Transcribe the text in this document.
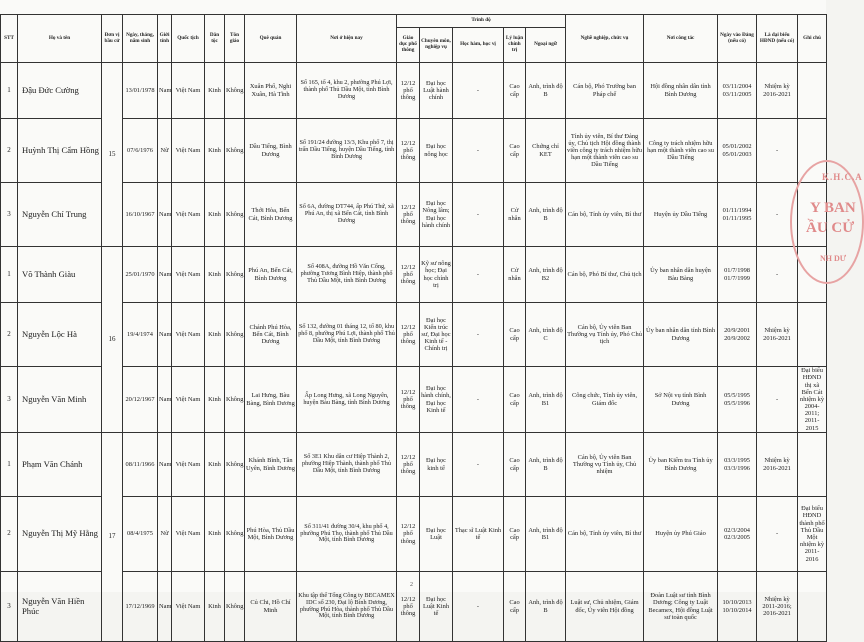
STT	Họ và tên	Đơn vị bầu cử	Ngày, tháng, năm sinh	Giới tính	Quốc tịch	Dân tộc	Tôn giáo	Quê quán	Nơi ở hiện nay	Trình độ					Nghề nghiệp, chức vụ	Nơi công tác	Ngày vào Đảng (nếu có)	Là đại biểu HĐND (nếu có)	Ghi chú
										Giáo dục phổ thông	Chuyên môn, nghiệp vụ	Học hàm, học vị	Lý luận chính trị	Ngoại ngữ					
1	Đậu Đức Cường	15	13/01/1978	Nam	Việt Nam	Kinh	Không	Xuân Phổ, Nghi Xuân, Hà Tĩnh	Số 165, tổ 4, khu 2, phường Phú Lợi, thành phố Thủ Dầu Một, tỉnh Bình Dương	12/12 phổ thông	Đại học Luật hành chính	-	Cao cấp	Anh, trình độ B	Cán bộ, Phó Trưởng ban Pháp chế	Hội đồng nhân dân tỉnh Bình Dương	03/11/2004 03/11/2005	Nhiệm kỳ 2016-2021	
2	Huỳnh Thị Cẩm Hồng		07/6/1976	Nữ	Việt Nam	Kinh	Không	Dầu Tiếng, Bình Dương	Số 191/24 đường 13/3, Khu phố 7, thị trấn Dầu Tiếng, huyện Dầu Tiếng, tỉnh Bình Dương	12/12 phổ thông	Đại học nông học	-	Cao cấp	Chứng chỉ KET	Tỉnh ủy viên, Bí thư Đảng ủy, Chủ tịch Hội đồng thành viên công ty trách nhiệm hữu hạn một thành viên cao su Dầu Tiếng	Công ty trách nhiệm hữu hạn một thành viên cao su Dầu Tiếng	05/01/2002 05/01/2003	-	
3	Nguyễn Chí Trung		16/10/1967	Nam	Việt Nam	Kinh	Không	Thới Hòa, Bến Cát, Bình Dương	Số 6A, đường DT744, ấp Phú Thứ, xã Phú An, thị xã Bến Cát, tỉnh Bình Dương	12/12 phổ thông	Đại học Nông lâm; Đại học hành chính	-	Cử nhân	Anh, trình độ B	Cán bộ, Tỉnh ủy viên, Bí thư	Huyện ủy Dầu Tiếng	01/11/1994 01/11/1995	-	
1	Võ Thành Giàu	16	25/01/1970	Nam	Việt Nam	Kinh	Không	Phú An, Bến Cát, Bình Dương	Số 408A, đường Hồ Văn Cống, phường Tương Bình Hiệp, thành phố Thủ Dầu Một, tỉnh Bình Dương	12/12 phổ thông	Kỹ sư nông học; Đại học chính trị	-	Cử nhân	Anh, trình độ B2	Cán bộ, Phó Bí thư, Chủ tịch	Ủy ban nhân dân huyện Bàu Bàng	01/7/1998 01/7/1999	-	
2	Nguyễn Lộc Hà		19/4/1974	Nam	Việt Nam	Kinh	Không	Chánh Phú Hòa, Bến Cát, Bình Dương	Số 132, đường 01 tháng 12, tổ 80, khu phố 8, phường Phú Lợi, thành phố Thủ Dầu Một, tỉnh Bình Dương	12/12 phổ thông	Đại học Kiến trúc sư, Đại học Kinh tế - Chính trị	-	Cao cấp	Anh, trình độ C	Cán bộ, Ủy viên Ban Thường vụ Tỉnh ủy, Phó Chủ tịch	Ủy ban nhân dân tỉnh Bình Dương	20/9/2001 20/9/2002	Nhiệm kỳ 2016-2021	
3	Nguyễn Văn Minh		20/12/1967	Nam	Việt Nam	Kinh	Không	Lai Hưng, Bàu Bàng, Bình Dương	Ấp Long Hưng, xã Long Nguyên, huyện Bàu Bàng, tỉnh Bình Dương	12/12 phổ thông	Đại học hành chính, Đại học Kinh tế	-	Cao cấp	Anh, trình độ B1	Công chức, Tỉnh ủy viên, Giám đốc	Sở Nội vụ tỉnh Bình Dương	05/5/1995 05/5/1996	-	Đại biểu HĐND thị xã Bến Cát nhiệm kỳ 2004-2011; 2011-2015
1	Phạm Văn Chánh	17	08/11/1966	Nam	Việt Nam	Kinh	Không	Khánh Bình, Tân Uyên, Bình Dương	Số 3E1 Khu dân cư Hiệp Thành 2, phường Hiệp Thành, thành phố Thủ Dầu Một, tỉnh Bình Dương	12/12 phổ thông	Đại học kinh tế	-	Cao cấp	Anh, trình độ B	Cán bộ, Ủy viên Ban Thường vụ Tỉnh ủy, Chủ nhiệm	Ủy ban Kiểm tra Tỉnh ủy Bình Dương	03/3/1995 03/3/1996	Nhiệm kỳ 2016-2021	
2	Nguyễn Thị Mỹ Hằng		08/4/1975	Nữ	Việt Nam	Kinh	Không	Phú Hòa, Thủ Dầu Một, Bình Dương	Số 311/41 đường 30/4, khu phố 4, phường Phú Thọ, thành phố Thủ Dầu Một, tỉnh Bình Dương	12/12 phổ thông	Đại học Luật	Thạc sĩ Luật Kinh tế	Cao cấp	Anh, trình độ B1	Cán bộ, Tỉnh ủy viên, Bí thư	Huyện ủy Phú Giáo	02/3/2004 02/3/2005	-	Đại biểu HĐND thành phố Thủ Dầu Một nhiệm kỳ 2011-2016
3	Nguyễn Văn Hiền Phúc		17/12/1969	Nam	Việt Nam	Kinh	Không	Củ Chi, Hồ Chí Minh	Khu tập thể Tổng Công ty BECAMEX IDC số 230, Đại lộ Bình Dương, phường Phú Hòa, thành phố Thủ Dầu Một, tỉnh Bình Dương	12/12 phổ thông	Đại học Luật Kinh tế	-	Cao cấp	Anh, trình độ B	Luật sư, Chủ nhiệm, Giám đốc, Ủy viên Hội đồng	Đoàn Luật sư tỉnh Bình Dương; Công ty Luật Becamex, Hội đồng Luật sư toàn quốc	10/10/2013 10/10/2014	Nhiệm kỳ 2011-2016; 2016-2021	
K.H.C.A
Y BAN
ẦU CỬ
NH DƯ
2
